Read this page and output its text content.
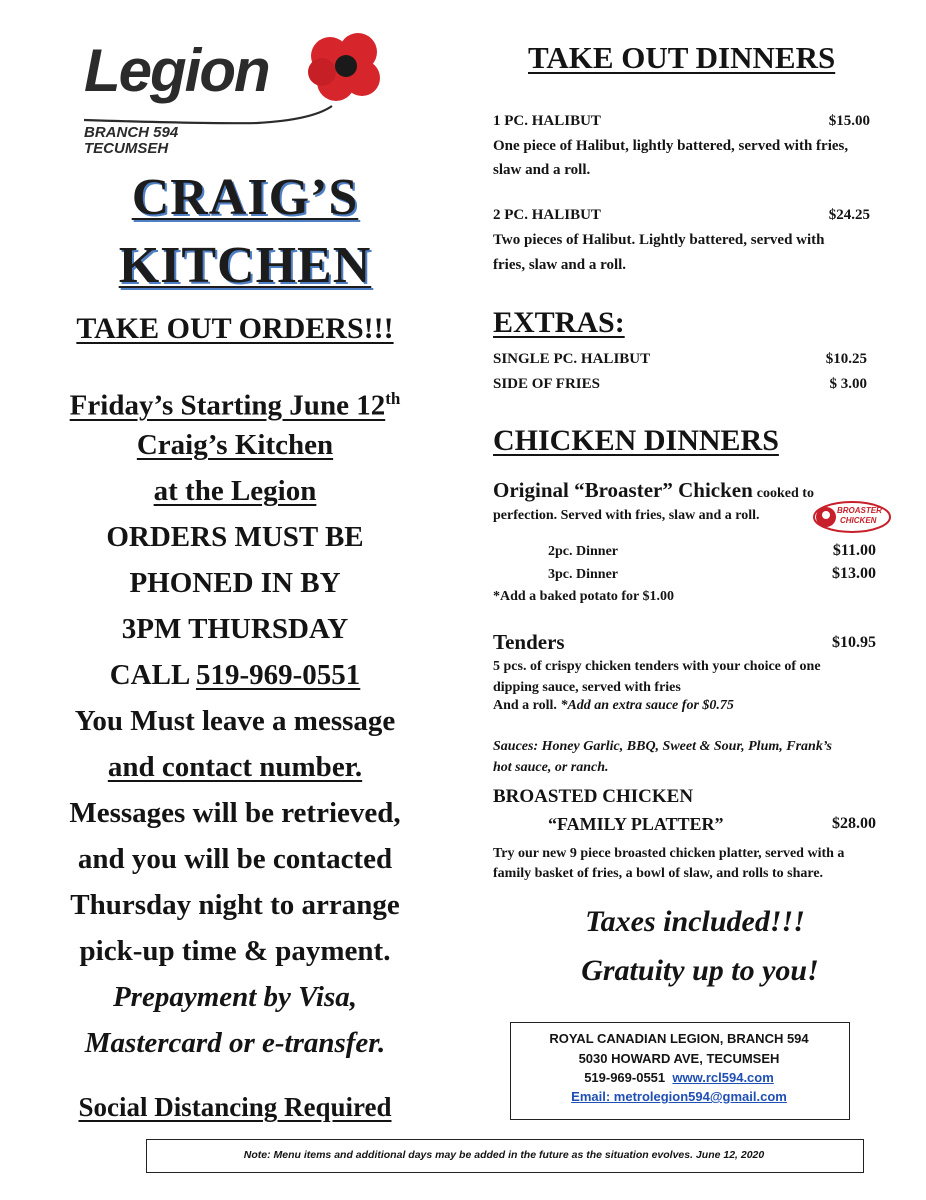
Legion
BRANCH 594
TECUMSEH
CRAIG’S
KITCHEN
TAKE OUT ORDERS!!!
Friday’s Starting June 12th
Craig’s Kitchen
at the Legion
ORDERS MUST BE
PHONED IN BY
3PM THURSDAY
CALL 519-969-0551
You Must leave a message
and contact number.
Messages will be retrieved,
and you will be contacted
Thursday night to arrange
pick-up time & payment.
Prepayment by Visa,
Mastercard or e-transfer.
Social Distancing Required
TAKE OUT DINNERS
1 PC. HALIBUT	$15.00
One piece of Halibut, lightly battered, served with fries,
slaw and a roll.
2 PC. HALIBUT	$24.25
Two pieces of Halibut. Lightly battered, served with
fries, slaw and a roll.
EXTRAS:
SINGLE PC. HALIBUT	$10.25
SIDE OF FRIES	$ 3.00
CHICKEN DINNERS
Original “Broaster” Chicken cooked to
perfection. Served with fries, slaw and a roll.	BROASTER
CHICKEN
2pc. Dinner	$11.00
3pc. Dinner	$13.00
*Add a baked potato for $1.00
Tenders	$10.95
5 pcs. of crispy chicken tenders with your choice of one
dipping sauce, served with fries
And a roll. *Add an extra sauce for $0.75
Sauces: Honey Garlic, BBQ, Sweet & Sour, Plum, Frank’s
hot sauce, or ranch.
BROASTED CHICKEN
“FAMILY PLATTER”	$28.00
Try our new 9 piece broasted chicken platter, served with a
family basket of fries, a bowl of slaw, and rolls to share.
Taxes included!!!
Gratuity up to you!
ROYAL CANADIAN LEGION, BRANCH 594
5030 HOWARD AVE, TECUMSEH
519-969-0551 www.rcl594.com
Email: metrolegion594@gmail.com
Note: Menu items and additional days may be added in the future as the situation evolves. June 12, 2020
